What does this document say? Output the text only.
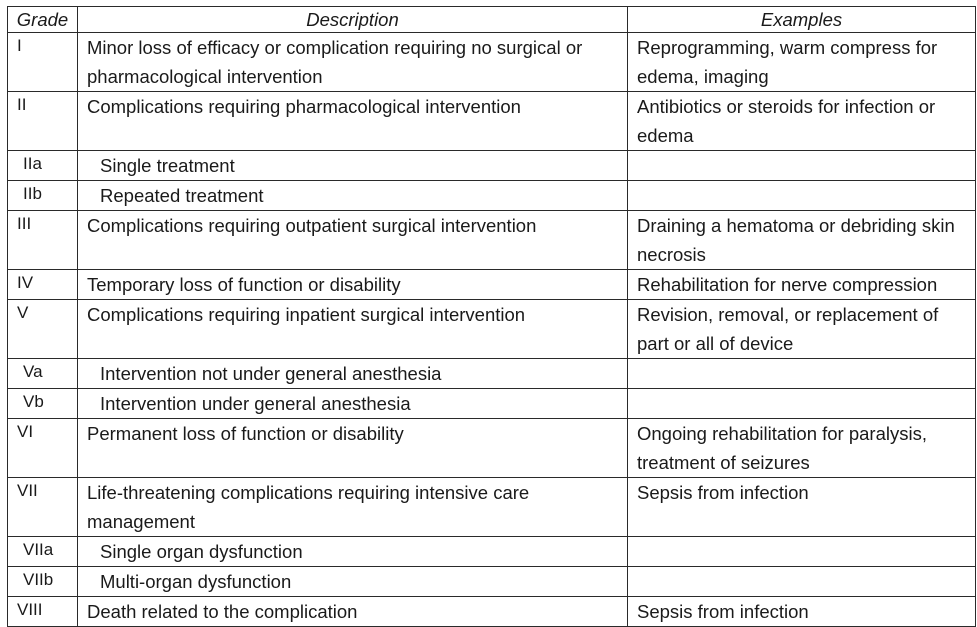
Grade	Description	Examples
I	Minor loss of efficacy or complication requiring no surgical or pharmacological intervention	Reprogramming, warm compress for edema, imaging
II	Complications requiring pharmacological intervention	Antibiotics or steroids for infection or edema
IIa	Single treatment	
IIb	Repeated treatment	
III	Complications requiring outpatient surgical intervention	Draining a hematoma or debriding skin necrosis
IV	Temporary loss of function or disability	Rehabilitation for nerve compression
V	Complications requiring inpatient surgical intervention	Revision, removal, or replacement of part or all of device
Va	Intervention not under general anesthesia	
Vb	Intervention under general anesthesia	
VI	Permanent loss of function or disability	Ongoing rehabilitation for paralysis, treatment of seizures
VII	Life-threatening complications requiring intensive care management	Sepsis from infection
VIIa	Single organ dysfunction	
VIIb	Multi-organ dysfunction	
VIII	Death related to the complication	Sepsis from infection
